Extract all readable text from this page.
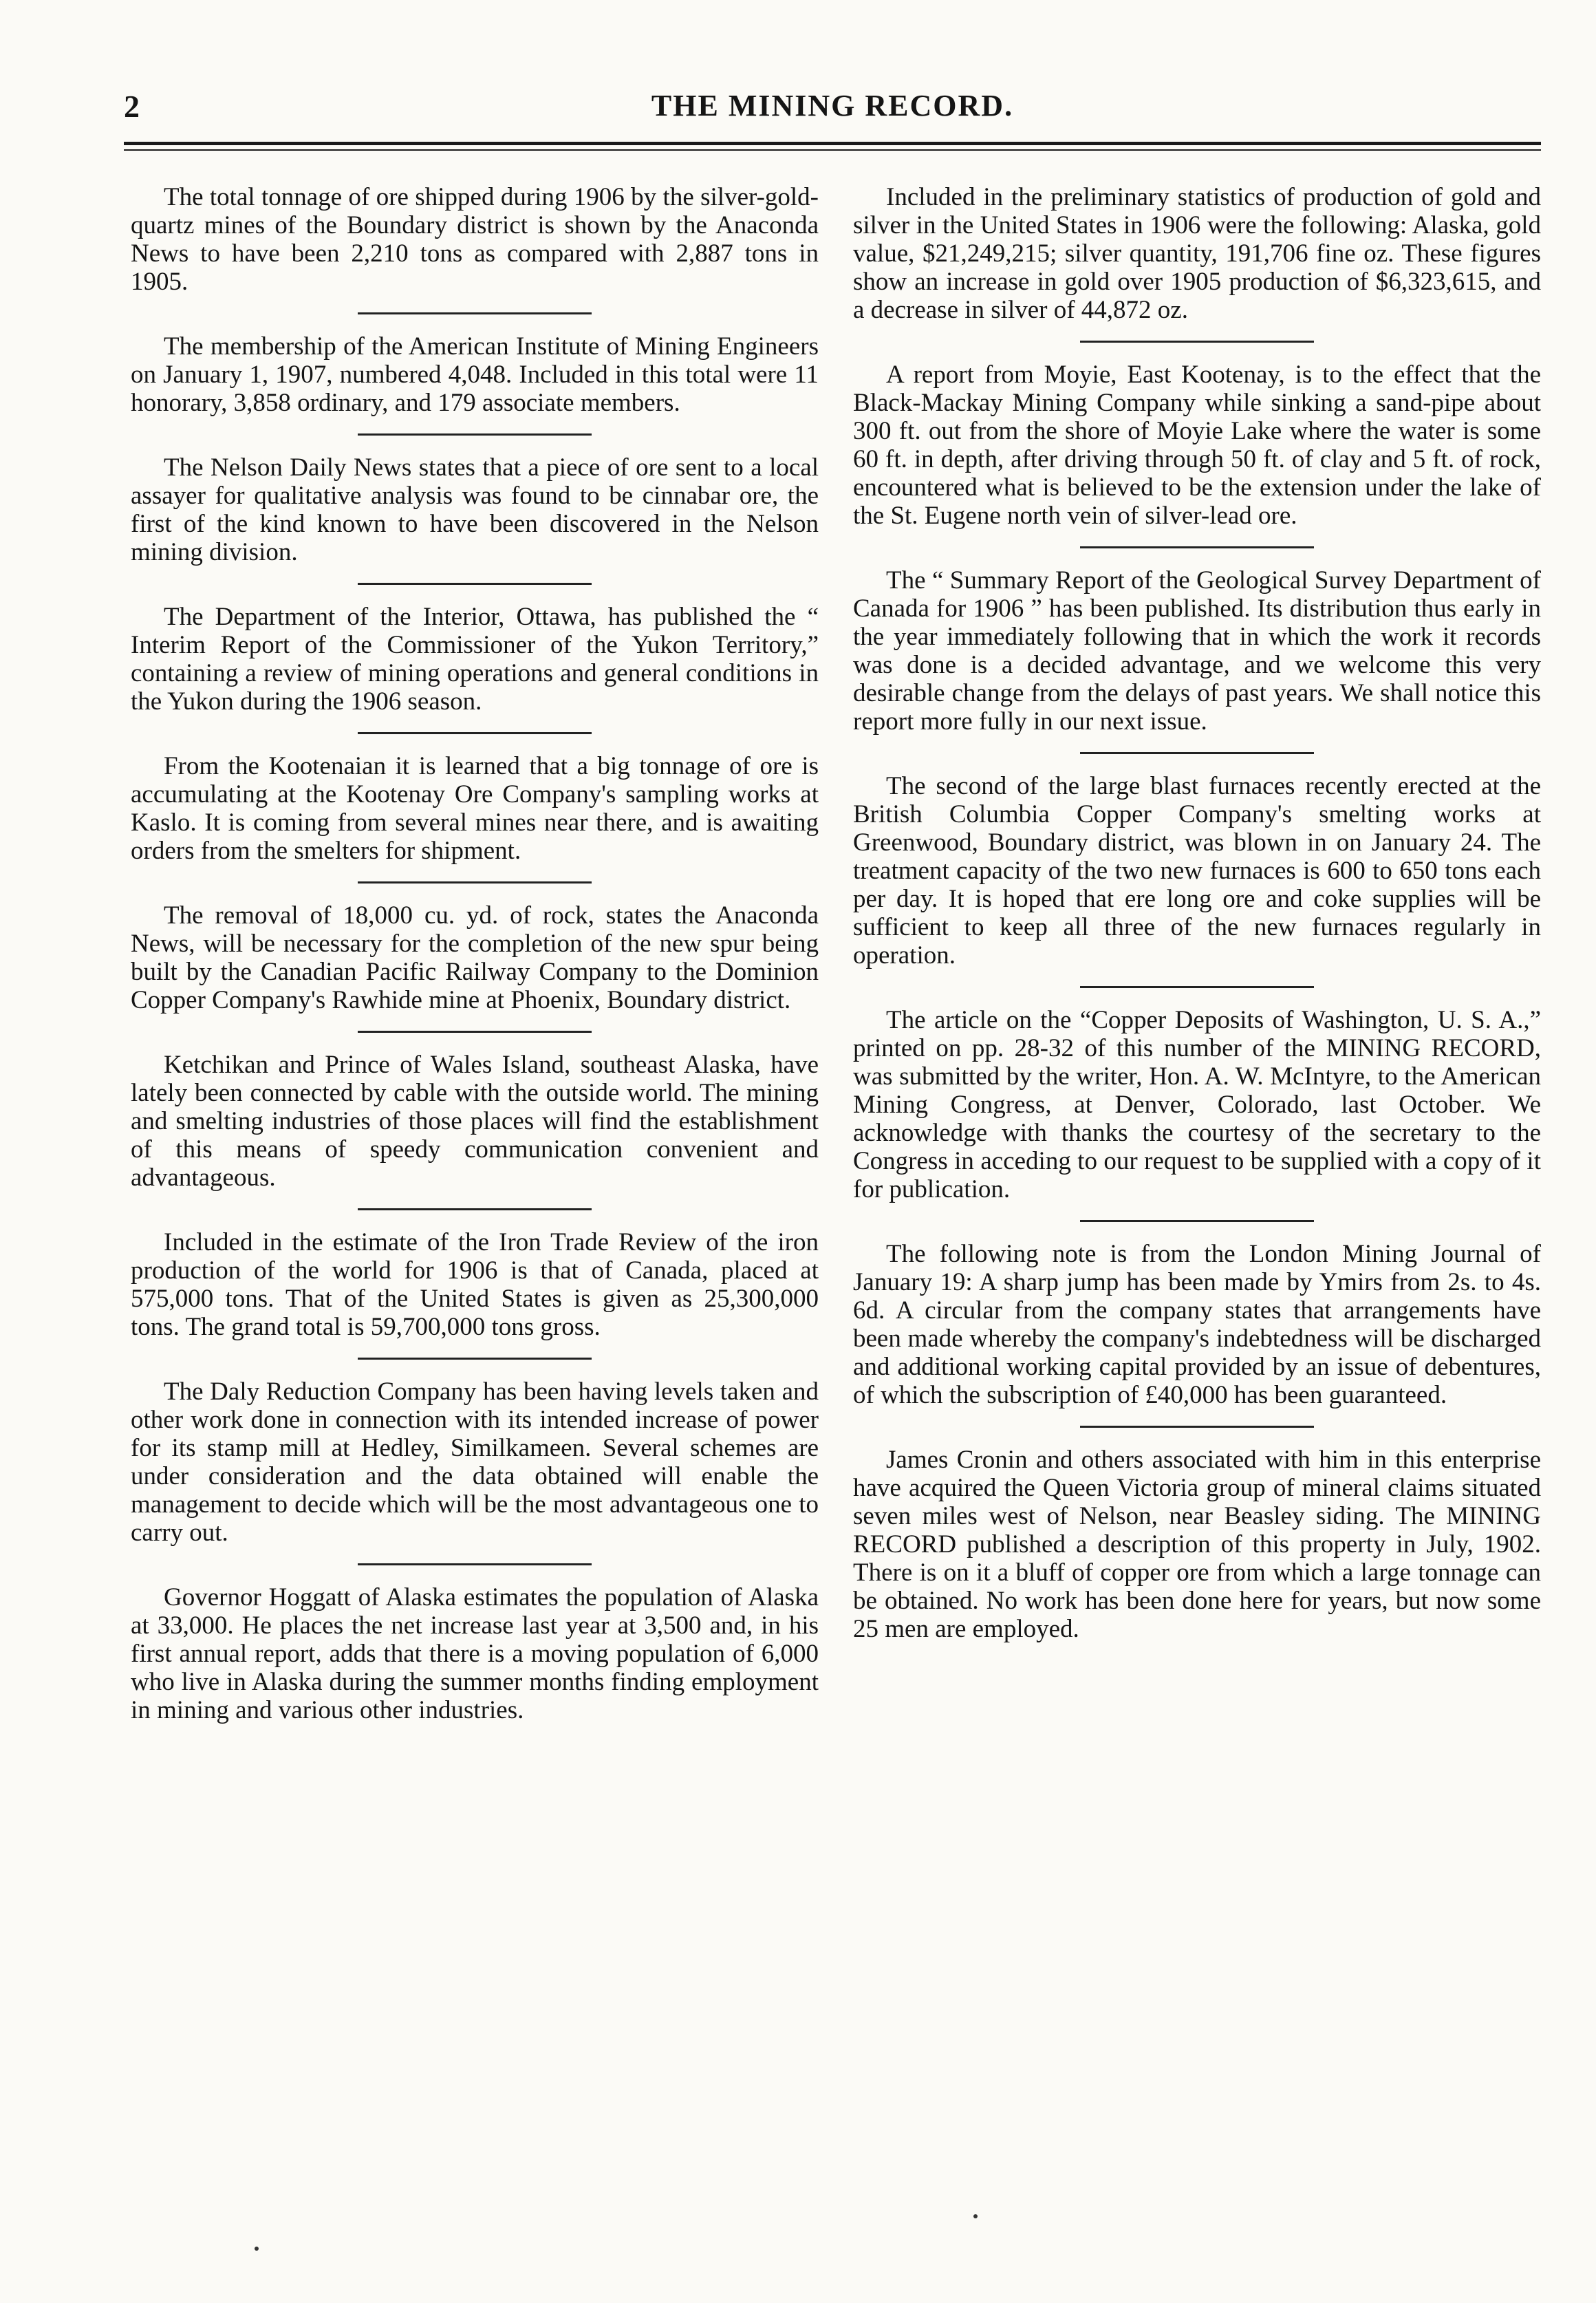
2	THE MINING RECORD.

The total tonnage of ore shipped during 1906 by the silver-gold-quartz mines of the Boundary district is shown by the Anaconda News to have been 2,210 tons as compared with 2,887 tons in 1905.

The membership of the American Institute of Mining Engineers on January 1, 1907, numbered 4,048. Included in this total were 11 honorary, 3,858 ordinary, and 179 associate members.

The Nelson Daily News states that a piece of ore sent to a local assayer for qualitative analysis was found to be cinnabar ore, the first of the kind known to have been discovered in the Nelson mining division.

The Department of the Interior, Ottawa, has published the “ Interim Report of the Commissioner of the Yukon Territory,” containing a review of mining operations and general conditions in the Yukon during the 1906 season.

From the Kootenaian it is learned that a big tonnage of ore is accumulating at the Kootenay Ore Company's sampling works at Kaslo. It is coming from several mines near there, and is awaiting orders from the smelters for shipment.

The removal of 18,000 cu. yd. of rock, states the Anaconda News, will be necessary for the completion of the new spur being built by the Canadian Pacific Railway Company to the Dominion Copper Company's Rawhide mine at Phoenix, Boundary district.

Ketchikan and Prince of Wales Island, southeast Alaska, have lately been connected by cable with the outside world. The mining and smelting industries of those places will find the establishment of this means of speedy communication convenient and advantageous.

Included in the estimate of the Iron Trade Review of the iron production of the world for 1906 is that of Canada, placed at 575,000 tons. That of the United States is given as 25,300,000 tons. The grand total is 59,700,000 tons gross.

The Daly Reduction Company has been having levels taken and other work done in connection with its intended increase of power for its stamp mill at Hedley, Similkameen. Several schemes are under consideration and the data obtained will enable the management to decide which will be the most advantageous one to carry out.

Governor Hoggatt of Alaska estimates the population of Alaska at 33,000. He places the net increase last year at 3,500 and, in his first annual report, adds that there is a moving population of 6,000 who live in Alaska during the summer months finding employment in mining and various other industries.

Included in the preliminary statistics of production of gold and silver in the United States in 1906 were the following: Alaska, gold value, $21,249,215; silver quantity, 191,706 fine oz. These figures show an increase in gold over 1905 production of $6,323,615, and a decrease in silver of 44,872 oz.

A report from Moyie, East Kootenay, is to the effect that the Black-Mackay Mining Company while sinking a sand-pipe about 300 ft. out from the shore of Moyie Lake where the water is some 60 ft. in depth, after driving through 50 ft. of clay and 5 ft. of rock, encountered what is believed to be the extension under the lake of the St. Eugene north vein of silver-lead ore.

The “ Summary Report of the Geological Survey Department of Canada for 1906 ” has been published. Its distribution thus early in the year immediately following that in which the work it records was done is a decided advantage, and we welcome this very desirable change from the delays of past years. We shall notice this report more fully in our next issue.

The second of the large blast furnaces recently erected at the British Columbia Copper Company's smelting works at Greenwood, Boundary district, was blown in on January 24. The treatment capacity of the two new furnaces is 600 to 650 tons each per day. It is hoped that ere long ore and coke supplies will be sufficient to keep all three of the new furnaces regularly in operation.

The article on the “Copper Deposits of Washington, U. S. A.,” printed on pp. 28-32 of this number of the MINING RECORD, was submitted by the writer, Hon. A. W. McIntyre, to the American Mining Congress, at Denver, Colorado, last October. We acknowledge with thanks the courtesy of the secretary to the Congress in acceding to our request to be supplied with a copy of it for publication.

The following note is from the London Mining Journal of January 19: A sharp jump has been made by Ymirs from 2s. to 4s. 6d. A circular from the company states that arrangements have been made whereby the company's indebtedness will be discharged and additional working capital provided by an issue of debentures, of which the subscription of £40,000 has been guaranteed.

James Cronin and others associated with him in this enterprise have acquired the Queen Victoria group of mineral claims situated seven miles west of Nelson, near Beasley siding. The MINING RECORD published a description of this property in July, 1902. There is on it a bluff of copper ore from which a large tonnage can be obtained. No work has been done here for years, but now some 25 men are employed.
